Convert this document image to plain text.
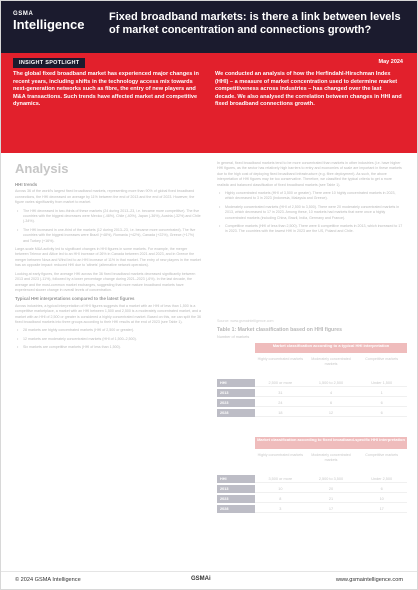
GSMA
Intelligence Fixed broadband markets: is there a link between levels of market concentration and connections growth?
INSIGHT SPOTLIGHT	May 2024
The global fixed broadband market has experienced major changes in recent years, including shifts in the technology access mix towards next-generation networks such as fibre, the entry of new players and M&A transactions. Such trends have affected market and competitive dynamics.
We conducted an analysis of how the Herfindahl-Hirschman Index (HHI) – a measure of market concentration used to determine market competitiveness across industries – has changed over the last decade. We also analysed the correlation between changes in HHI and fixed broadband connections growth.
Analysis
HHI trends
Across 36 of the world's largest fixed broadband markets, representing more than 90% of global fixed broadband connections, the HHI decreased on average by 11% between the end of 2013 and the end of 2023. However, the figure varies significantly from market to market.
• The HHI decreased in two-thirds of these markets (24 during 2013–23, i.e. became more competitive). The five countries with the biggest decreases were Mexico (-46%), Chile (-40%), Japan (-36%), Austria (-32%) and Chile (-34%).
• The HHI increased in one-third of the markets (12 during 2013–23, i.e. became more concentrated). The five countries with the biggest increases were Brazil (+48%), Romania (+42%), Canada (+22%), Greece (+17%) and Turkey (+16%).
Large-scale M&A activity led to significant changes in HHI figures in some markets. For example, the merger between Telenor and Altice led to an HHI increase of 26% in Canada between 2021 and 2023, and in Greece the merger between Nova and Wind led to an HHI increase of 11% in that market. The entry of new players in the market has an opposite impact: reduced HHI due to 'altnets' (alternative network operators).
Looking at early figures, the average HHI across the 36 fixed broadband markets decreased significantly between 2013 and 2023 (-11%), followed by a lower percentage change during 2021–2023 (-6%). In the last decade, the average and the most-common market exchanges, suggesting that more mature broadband markets have experienced slower change in overall levels of concentration.
Typical HHI interpretations compared to the latest figures
Across industries, a typical interpretation of HHI figures suggests that a market with an HHI of less than 1,500 is a competitive marketplace, a market with an HHI between 1,500 and 2,500 is a moderately concentrated market, and a market with an HHI of 2,500 or greater is considered a highly concentrated market. Based on this, we can split the 36 fixed broadband markets into three groups according to their HHI results at the end of 2023 (see Table 1).
• 28 markets are highly concentrated markets (HHI of 2,500 or greater).
• 12 markets are moderately concentrated markets (HHI of 1,500–2,500).
• Six markets are competitive markets (HHI of less than 1,500).
In general, fixed broadband markets tend to be more concentrated than markets in other industries (i.e. have higher HHI figures, as the sector has relatively high barriers to entry and economies of scale are important in these markets due to the high cost of deploying fixed broadband infrastructure (e.g. fibre deployment). As such, the above interpretation of HHI figures may be too conservative. Therefore, we classified the typical criteria to get a more realistic and balanced classification of fixed broadband markets (see Table 1).
• Highly concentrated markets (HHI of 3,500 or greater). There were 10 highly concentrated markets in 2023, which decreased to 3 in 2023 (Indonesia, Malaysia and Greece).
• Moderately concentrated markets (HHI of 2,500 to 3,500). There were 20 moderately concentrated markets in 2013, which decreased to 17 in 2023. Among these, 10 markets had markets that were once a highly concentrated markets (including China, Brazil, India, Germany and France).
• Competitive markets (HHI of less than 2,500). There were 6 competitive markets in 2013, which increased to 17 in 2023. The countries with the lowest HHI in 2023 are the US, Poland and Chile.
Source: www.gsmaintelligence.com
Table 1: Market classification based on HHI figures
Number of markets
Market classification according to a typical HHI interpretation
Highly concentrated markets	Moderately concentrated markets
Competitive markets
HHI	2,500 or more	1,500 to 2,500	Under 1,500
2013	31	4	1
2023	24	6	6
2028	18	12	6
Market classification according to fixed broadband-specific HHI interpretation
Highly concentrated markets	Moderately concentrated markets
Competitive markets
HHI	3,500 or more	2,500 to 3,500	Under 2,500
2013	10	20	6
2023	8	21	10
2028	3	17	17
© 2024 GSMA Intelligence	GSMAi	www.gsmaintelligence.com
